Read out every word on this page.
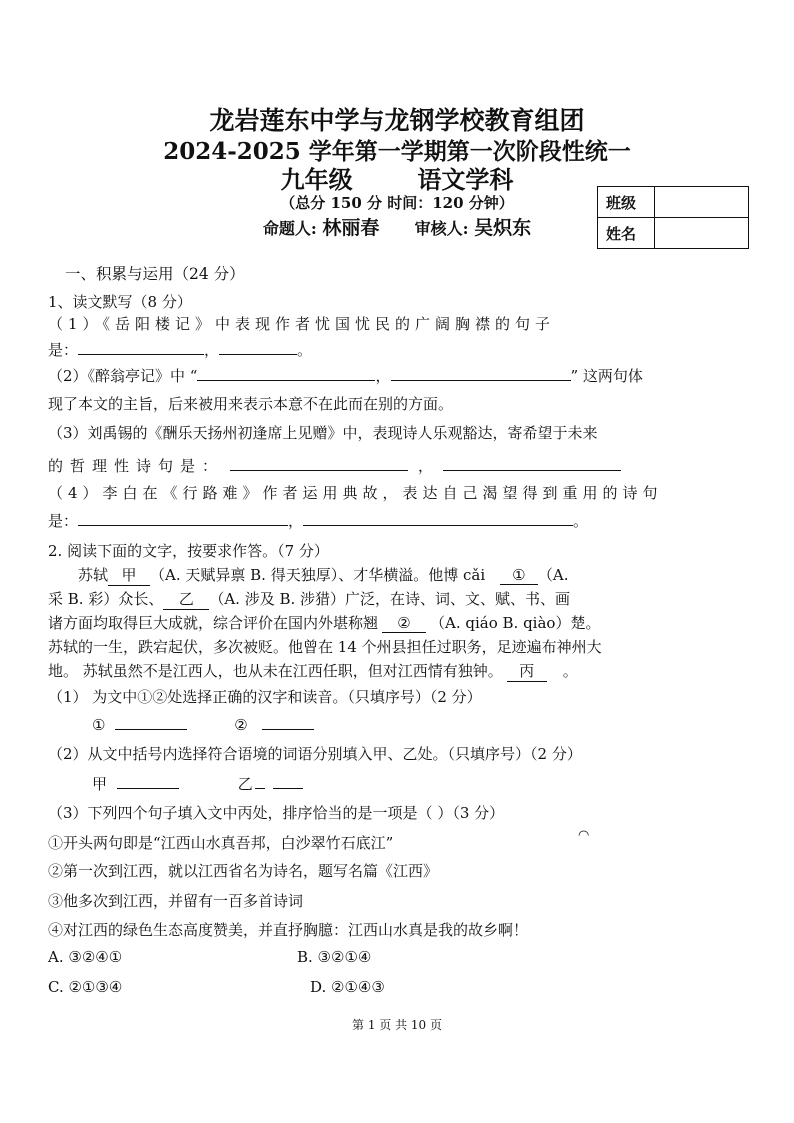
龙岩莲东中学与龙钢学校教育组团
2024-2025 学年第一学期第一次阶段性统一
九年级	语文学科
（总分 150 分 时间：120 分钟）
命题人: 林丽春 审核人: 吴炽东
班级	
姓名	
一、积累与运用（24 分）
1、读文默写（8 分）
（1）《岳阳楼记》中表现作者忧国忧民的广阔胸襟的句子
是：	，	。
（2）《醉翁亭记》中 “	，	” 这两句体
现了本文的主旨，后来被用来表示本意不在此而在别的方面。
（3）刘禹锡的《酬乐天扬州初逢席上见赠》中，表现诗人乐观豁达，寄希望于未来
的哲理性诗句是：	，
（4）李白在《行路难》作者运用典故，表达自己渴望得到重用的诗句
是：	，	。
2. 阅读下面的文字，按要求作答。（7 分）
苏轼 甲 （A. 天赋异禀 B. 得天独厚）、才华横溢。他博 cǎi ① （A.
采 B. 彩）众长、 乙 （A. 涉及 B. 涉猎）广泛，在诗、词、文、赋、书、画
诸方面均取得巨大成就，综合评价在国内外堪称翘 ② （A. qiáo B. qiào）楚。
苏轼的一生，跌宕起伏，多次被贬。他曾在 14 个州县担任过职务，足迹遍布神州大
地。 苏轼虽然不是江西人，也从未在江西任职，但对江西情有独钟。 丙 。
（1） 为文中①②处选择正确的汉字和读音。（只填序号）（2 分）
①	②
（2）从文中括号内选择符合语境的词语分别填入甲、乙处。（只填序号）（2 分）
甲	乙
（3）下列四个句子填入文中丙处，排序恰当的是一项是（ ）（3 分）
◠
①开头两句即是“江西山水真吾邦，白沙翠竹石底江”
②第一次到江西，就以江西省名为诗名，题写名篇《江西》
③他多次到江西，并留有一百多首诗词
④对江西的绿色生态高度赞美，并直抒胸臆：江西山水真是我的故乡啊！
A. ③②④①	B. ③②①④
C. ②①③④	D. ②①④③
第 1 页 共 10 页
